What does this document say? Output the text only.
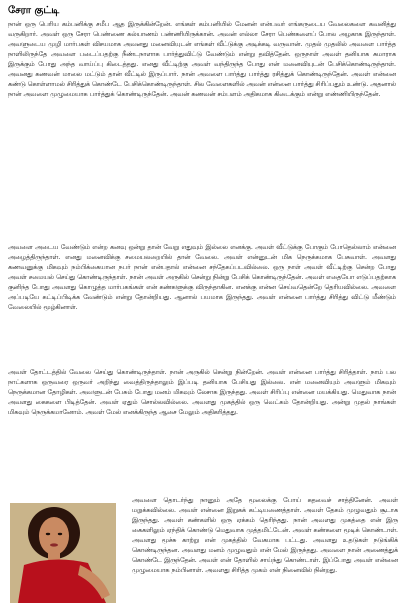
சேரா குட்டி
நான் ஒரு பெரிய கம்பனிக்கு சமீப ஆத இருக்கின்றேன். எங்கள் கம்பனியில் மேனன் என்பவர் எங்கருடைய வேலைகளை கவனித்து வருகிறார். அவள் ஒரு சேரா பெண்ணை கல்யாணம் பண்ணியிருக்கான். அவன் எல்லா சேரா பெண்களைப் போல அழகாக இருந்தாள். அவளுடைய முழி மார்பகள் விசயமாக அவனது மனைவியுடன் எங்கள் வீட்டுக்கு அடிக்கடி வருவான். முதல் முதலில் அவளை பார்த்த நாளிலிருந்தே அவளை படைப்பதற்கு நீண்டநாளாக பார்த்துவிட்டு வேண்டும் என்று தவித்தேன். ஒருநாள் அவள் தனியாக சுமாராக இருக்கும் போது அந்த வாய்ப்பு கிடைத்தது. எனது வீட்டிற்கு அவள் வந்திருந்த போது என் மனைவியுடன் பேசிக்கொண்டிருந்தாள். அவனது கணவன் மாலை மட்டும் தான் வீட்டில் இருப்பார். நான் அவளை பார்த்து பார்த்து ரசித்துக் கொண்டிருந்தேன். அவள் என்னை கண்டு கொள்ளாமல் சிரித்துக் கொண்டே பேசிக்கொண்டிருந்தாள். சில வேளைகளில் அவன் என்னை பார்த்து சிரிப்பதும் உண்டு. அதனால் நான் அவளை முழுமையாக பார்த்துக் கொண்டிருந்தேன். அவன் கணவன் சம்பளம் அதிகமாக கிடைக்கும் என்று எண்ணியிருந்தேன்.
அவளை அடைய வேண்டும் என்ற கனவு ஒன்று தான் வேறு எதுவும் இல்லை எனக்கு. அவள் வீட்டுக்கு போகும் போதெல்லாம் என்னை அழைத்திருந்தாள். எனது மனைவிக்கு சமையலறையில் தான் வேலை. அவள் என்னுடன் மிக நெருக்கமாக பேசுவாள். அவளது கணவனுக்கு மிகவும் நம்பிக்கையான நபர் நான் என்பதால் என்னை சந்தேகப்படவில்லை. ஒரு நாள் அவள் வீட்டிற்கு சென்ற போது அவள் சமையல் செய்து கொண்டிருந்தாள். நான் அவள் அருகில் சென்று நின்று பேசிக் கொண்டிருந்தேன். அவள் எதையோ எடுப்பதற்காக குனிந்த போது அவளது கொழுத்த மார்பகங்கள் என் கண்களுக்கு விருந்தாகின. எனக்கு என்ன செய்வதென்றே தெரியவில்லை. அவளை அப்படியே கட்டிப்பிடிக்க வேண்டும் என்று தோன்றியது. ஆனால் பயமாக இருந்தது. அவள் என்னை பார்த்து சிரித்து விட்டு மீண்டும் வேலையில் மூழ்கினாள்.
அவள் தோட்டத்தில் வேலை செய்து கொண்டிருந்தாள். நான் அருகில் சென்று நின்றேன். அவள் என்னை பார்த்து சிரித்தாள். நாம் பல நாட்களாக ஒருவரை ஒருவர் அறிந்து வைத்திருந்தாலும் இப்படி தனியாக பேசியது இல்லை. என் மனைவியும் அவளும் மிகவும் நெருக்கமான தோழிகள். அவளுடன் பேசும் போது மனம் மிகவும் லேசாக இருந்தது. அவள் சிரிப்பு என்னை மயக்கியது. மெதுவாக நான் அவளது கைகளை பிடித்தேன். அவள் ஏதும் சொல்லவில்லை. அவளது முகத்தில் ஒரு வெட்கம் தோன்றியது. அன்று முதல் நாங்கள் மிகவும் நெருக்கமானோம். அவள் மேல் எனக்கிருந்த ஆசை மேலும் அதிகரித்தது.
அவளை தொடர்ந்து நானும் அதே மூலைக்கு போய் கதவைச் சாத்தினேன். அவள் மறுக்கவில்லை. அவள் என்னை இறுகக் கட்டியணைத்தாள். அவள் தேகம் முழுவதும் சூடாக இருந்தது. அவள் கண்களில் ஒரு ஏக்கம் தெரிந்தது. நான் அவளது முகத்தை என் இரு கைகளிலும் ஏந்திக் கொண்டு மெதுவாக முத்தமிட்டேன். அவள் கண்களை மூடிக் கொண்டாள். அவளது மூச்சு காற்று என் முகத்தில் வேகமாக பட்டது. அவளது உதடுகள் நடுங்கிக் கொண்டிருந்தன. அவளது மனம் முழுவதும் என் மேல் இருந்தது. அவளை நான் அணைத்துக் கொண்டே இருந்தேன். அவள் என் தோளில் சாய்ந்து கொண்டாள். இப்போது அவள் என்னை முழுமையாக நம்பினாள். அவளது சிரித்த முகம் என் நினைவில் நின்றது.
